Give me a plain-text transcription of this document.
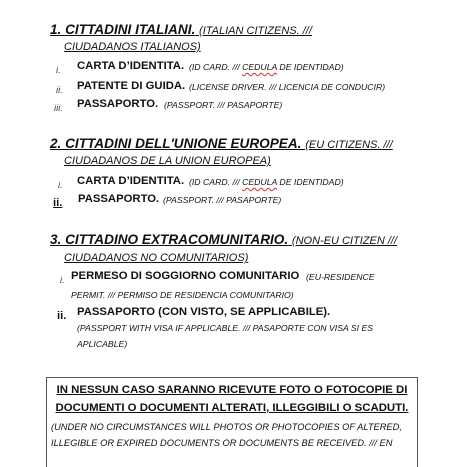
1. CITTADINI ITALIANI. (ITALIAN CITIZENS. ///
CIUDADANOS ITALIANOS)
i. CARTA D’IDENTITA. (ID CARD. /// CEDULA DE IDENTIDAD)
ii. PATENTE DI GUIDA. (LICENSE DRIVER. /// LICENCIA DE CONDUCIR)
iii. PASSAPORTO. (PASSPORT. /// PASAPORTE)
2. CITTADINI DELL'UNIONE EUROPEA. (EU CITIZENS. ///
CIUDADANOS DE LA UNION EUROPEA)
i. CARTA D’IDENTITA. (ID CARD. /// CEDULA DE IDENTIDAD)
ii. PASSAPORTO. (PASSPORT. /// PASAPORTE)
3. CITTADINO EXTRACOMUNITARIO. (NON-EU CITIZEN ///
CIUDADANOS NO COMUNITARIOS)
i. PERMESO DI SOGGIORNO COMUNITARIO (EU-RESIDENCE
PERMIT. /// PERMISO DE RESIDENCIA COMUNITARIO)
ii. PASSAPORTO (CON VISTO, SE APPLICABILE).
(PASSPORT WITH VISA IF APPLICABLE. /// PASAPORTE CON VISA SI ES
APLICABLE)
IN NESSUN CASO SARANNO RICEVUTE FOTO O FOTOCOPIE DI
DOCUMENTI O DOCUMENTI ALTERATI, ILLEGGIBILI O SCADUTI.
(UNDER NO CIRCUMSTANCES WILL PHOTOS OR PHOTOCOPIES OF ALTERED,
ILLEGIBLE OR EXPIRED DOCUMENTS OR DOCUMENTS BE RECEIVED. /// EN
